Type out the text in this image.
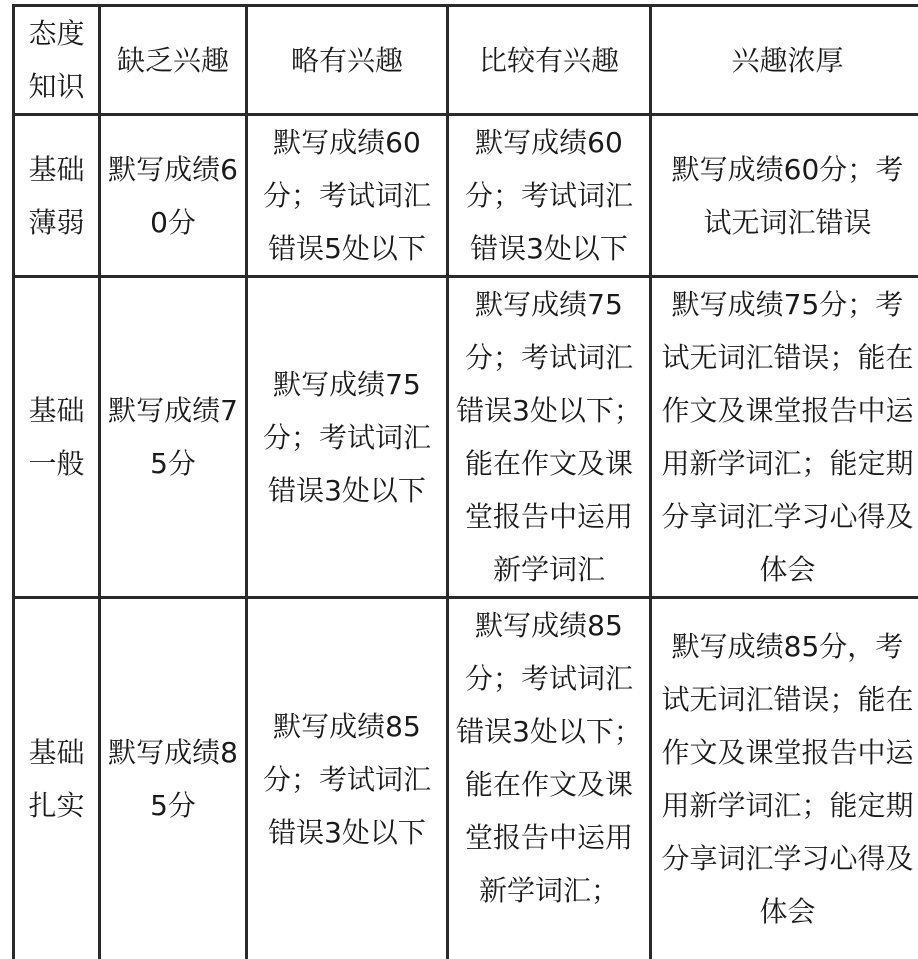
态度
知识	缺乏兴趣	略有兴趣	比较有兴趣	兴趣浓厚

基础
薄弱	默写成绩60分	默写成绩60分；考试词汇错误5处以下	默写成绩60分；考试词汇错误3处以下	默写成绩60分；考试无词汇错误

基础
一般	默写成绩75分	默写成绩75分；考试词汇错误3处以下	默写成绩75分；考试词汇错误3处以下；能在作文及课堂报告中运用新学词汇	默写成绩75分；考试无词汇错误；能在作文及课堂报告中运用新学词汇；能定期分享词汇学习心得及体会

基础
扎实	默写成绩85分	默写成绩85分；考试词汇错误3处以下	默写成绩85分；考试词汇错误3处以下；能在作文及课堂报告中运用新学词汇；	默写成绩85分，考试无词汇错误；能在作文及课堂报告中运用新学词汇；能定期分享词汇学习心得及体会
